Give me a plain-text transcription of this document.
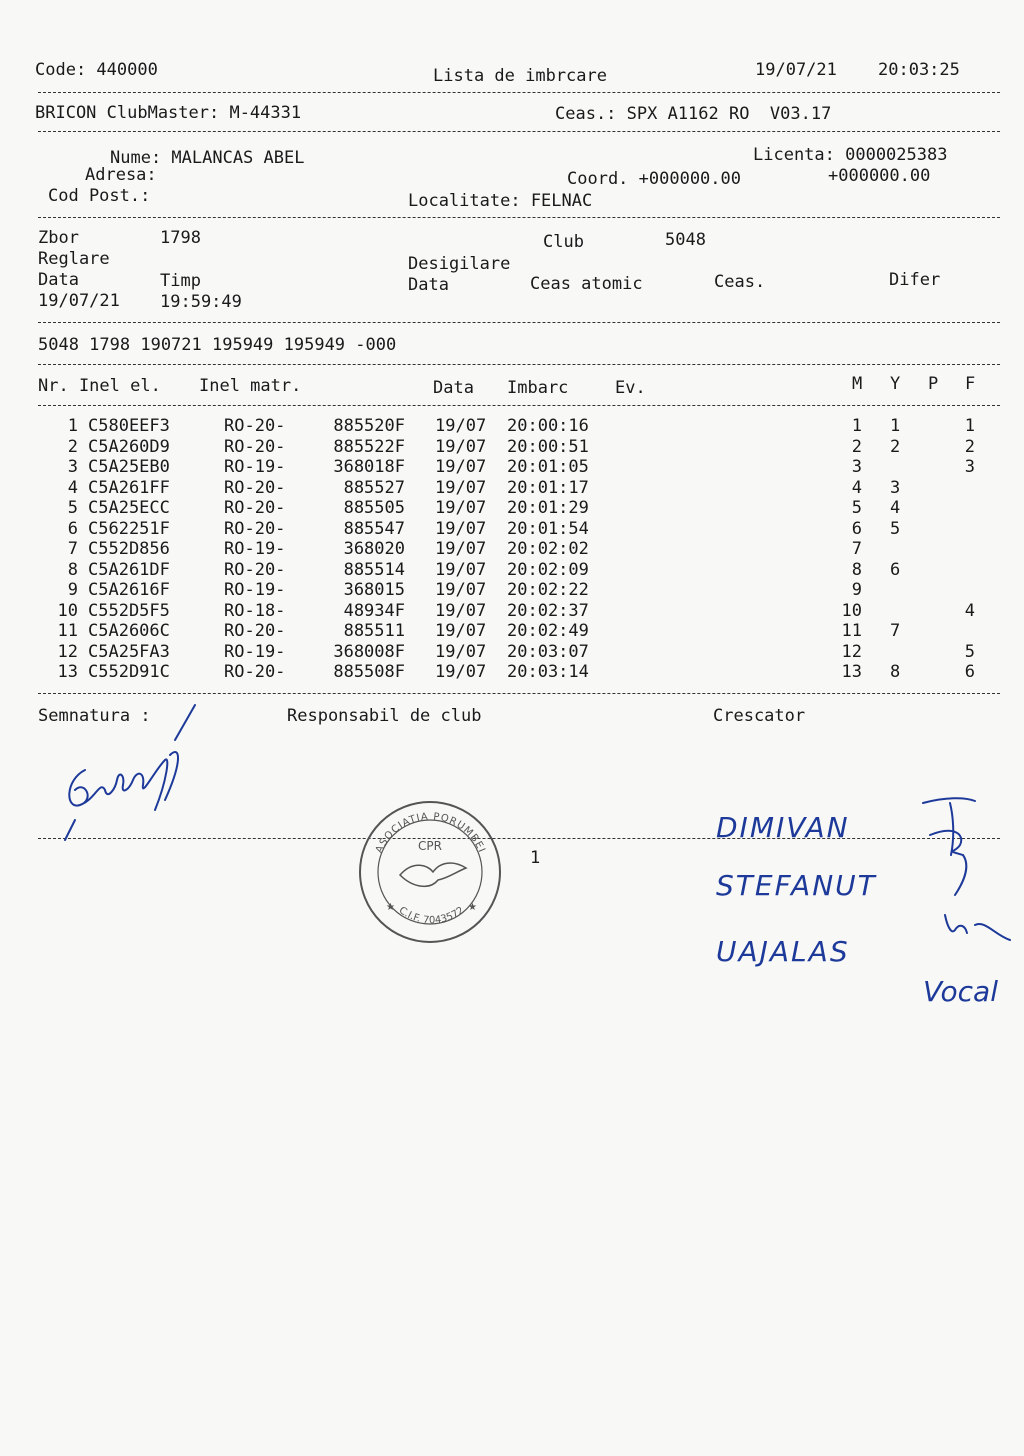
Code: 440000	Lista de imbrcare	19/07/21 20:03:25
BRICON ClubMaster: M-44331	Ceas.: SPX A1162 RO  V03.17
Nume: MALANCAS ABEL	Licenta: 0000025383
Adresa:	Coord. +000000.00	+000000.00
Cod Post.:	Localitate: FELNAC
Zbor	1798	Club	5048
Reglare	Desigilare
Data	Timp	Data	Ceas atomic	Ceas.	Difer
19/07/21 19:59:49
5048 1798 190721 195949 195949 -000
Nr. Inel el. Inel matr.	Data Imbarc	Ev.	M Y P F
1 C580EEF3	RO-20-	885520F 19/07 20:00:16	1 1	1
2 C5A260D9	RO-20-	885522F 19/07 20:00:51	2 2	2
3 C5A25EB0	RO-19-	368018F 19/07 20:01:05	3	3
4 C5A261FF	RO-20-	885527 19/07 20:01:17	4 3
5 C5A25ECC	RO-20-	885505 19/07 20:01:29	5 4
6 C562251F	RO-20-	885547 19/07 20:01:54	6 5
7 C552D856	RO-19-	368020 19/07 20:02:02	7
8 C5A261DF	RO-20-	885514 19/07 20:02:09	8 6
9 C5A2616F	RO-19-	368015 19/07 20:02:22	9
10 C552D5F5	RO-18-	48934F 19/07 20:02:37	10	4
11 C5A2606C	RO-20-	885511 19/07 20:02:49	11 7
12 C5A25FA3	RO-19-	368008F 19/07 20:03:07	12	5
13 C552D91C	RO-20-	885508F 19/07 20:03:14	13 8	6
Semnatura :	Responsabil de club	Crescator
1
DIMIVAN
STEFANUT
UAJALAS
Vocal
ASOCIATIA PORUMBEI
CPR
C.I.F. 7043572
★	★
